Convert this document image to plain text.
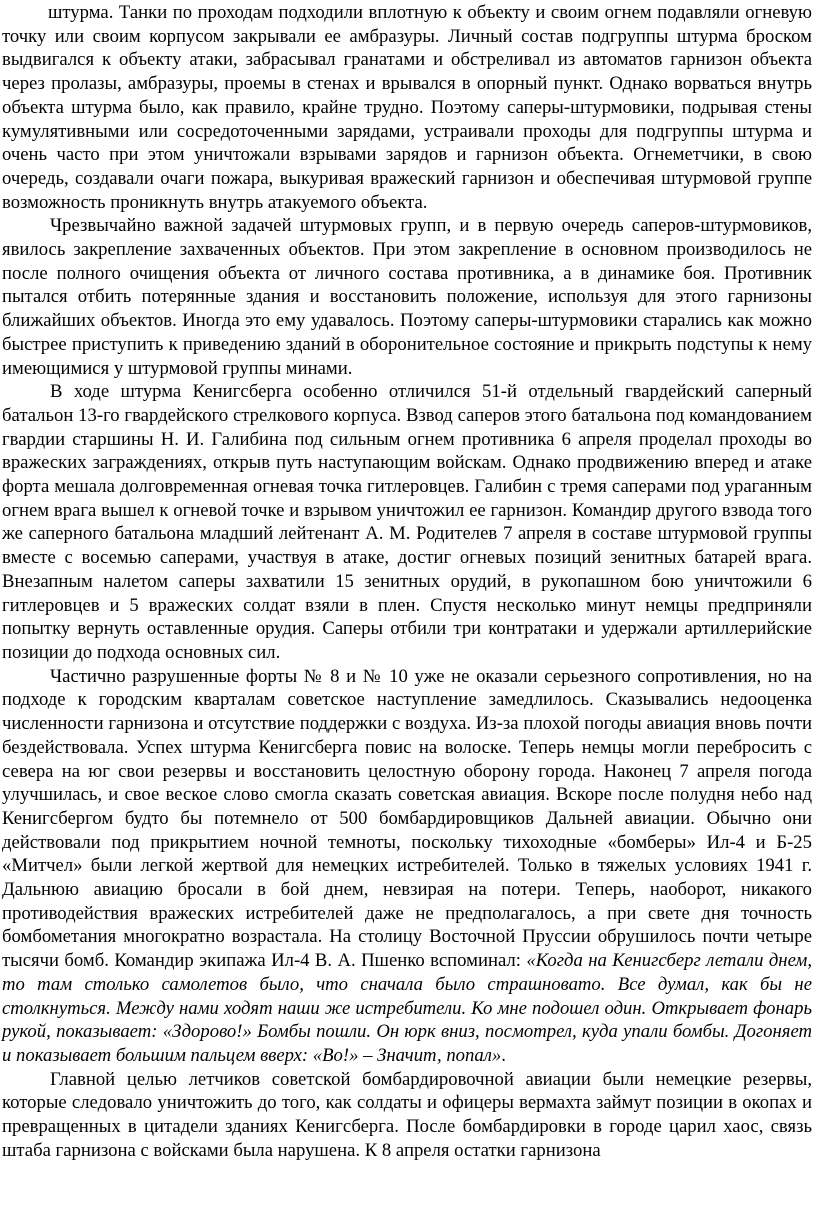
штурма. Танки по проходам подходили вплотную к объекту и своим огнем подавляли огневую точку или своим корпусом закрывали ее амбразуры. Личный состав подгруппы штурма броском выдвигался к объекту атаки, забрасывал гранатами и обстреливал из автоматов гарнизон объекта через пролазы, амбразуры, проемы в стенах и врывался в опорный пункт. Однако ворваться внутрь объекта штурма было, как правило, крайне трудно. Поэтому саперы-штурмовики, подрывая стены кумулятивными или сосредоточенными зарядами, устраивали проходы для подгруппы штурма и очень часто при этом уничтожали взрывами зарядов и гарнизон объекта. Огнеметчики, в свою очередь, создавали очаги пожара, выкуривая вражеский гарнизон и обеспечивая штурмовой группе возможность проникнуть внутрь атакуемого объекта.

Чрезвычайно важной задачей штурмовых групп, и в первую очередь саперов-штурмовиков, явилось закрепление захваченных объектов. При этом закрепление в основном производилось не после полного очищения объекта от личного состава противника, а в динамике боя. Противник пытался отбить потерянные здания и восстановить положение, используя для этого гарнизоны ближайших объектов. Иногда это ему удавалось. Поэтому саперы-штурмовики старались как можно быстрее приступить к приведению зданий в оборонительное состояние и прикрыть подступы к нему имеющимися у штурмовой группы минами.

В ходе штурма Кенигсберга особенно отличился 51-й отдельный гвардейский саперный батальон 13-го гвардейского стрелкового корпуса. Взвод саперов этого батальона под командованием гвардии старшины Н. И. Галибина под сильным огнем противника 6 апреля проделал проходы во вражеских заграждениях, открыв путь наступающим войскам. Однако продвижению вперед и атаке форта мешала долговременная огневая точка гитлеровцев. Галибин с тремя саперами под ураганным огнем врага вышел к огневой точке и взрывом уничтожил ее гарнизон. Командир другого взвода того же саперного батальона младший лейтенант А. М. Родителев 7 апреля в составе штурмовой группы вместе с восемью саперами, участвуя в атаке, достиг огневых позиций зенитных батарей врага. Внезапным налетом саперы захватили 15 зенитных орудий, в рукопашном бою уничтожили 6 гитлеровцев и 5 вражеских солдат взяли в плен. Спустя несколько минут немцы предприняли попытку вернуть оставленные орудия. Саперы отбили три контратаки и удержали артиллерийские позиции до подхода основных сил.

Частично разрушенные форты № 8 и № 10 уже не оказали серьезного сопротивления, но на подходе к городским кварталам советское наступление замедлилось. Сказывались недооценка численности гарнизона и отсутствие поддержки с воздуха. Из-за плохой погоды авиация вновь почти бездействовала. Успех штурма Кенигсберга повис на волоске. Теперь немцы могли перебросить с севера на юг свои резервы и восстановить целостную оборону города. Наконец 7 апреля погода улучшилась, и свое веское слово смогла сказать советская авиация. Вскоре после полудня небо над Кенигсбергом будто бы потемнело от 500 бомбардировщиков Дальней авиации. Обычно они действовали под прикрытием ночной темноты, поскольку тихоходные «бомберы» Ил-4 и Б-25 «Митчел» были легкой жертвой для немецких истребителей. Только в тяжелых условиях 1941 г. Дальнюю авиацию бросали в бой днем, невзирая на потери. Теперь, наоборот, никакого противодействия вражеских истребителей даже не предполагалось, а при свете дня точность бомбометания многократно возрастала. На столицу Восточной Пруссии обрушилось почти четыре тысячи бомб. Командир экипажа Ил-4 В. А. Пшенко вспоминал: «Когда на Кенигсберг летали днем, то там столько самолетов было, что сначала было страшновато. Все думал, как бы не столкнуться. Между нами ходят наши же истребители. Ко мне подошел один. Открывает фонарь рукой, показывает: «Здорово!» Бомбы пошли. Он юрк вниз, посмотрел, куда упали бомбы. Догоняет и показывает большим пальцем вверх: «Во!» – Значит, попал».

Главной целью летчиков советской бомбардировочной авиации были немецкие резервы, которые следовало уничтожить до того, как солдаты и офицеры вермахта займут позиции в окопах и превращенных в цитадели зданиях Кенигсберга. После бомбардировки в городе царил хаос, связь штаба гарнизона с войсками была нарушена. К 8 апреля остатки гарнизона
